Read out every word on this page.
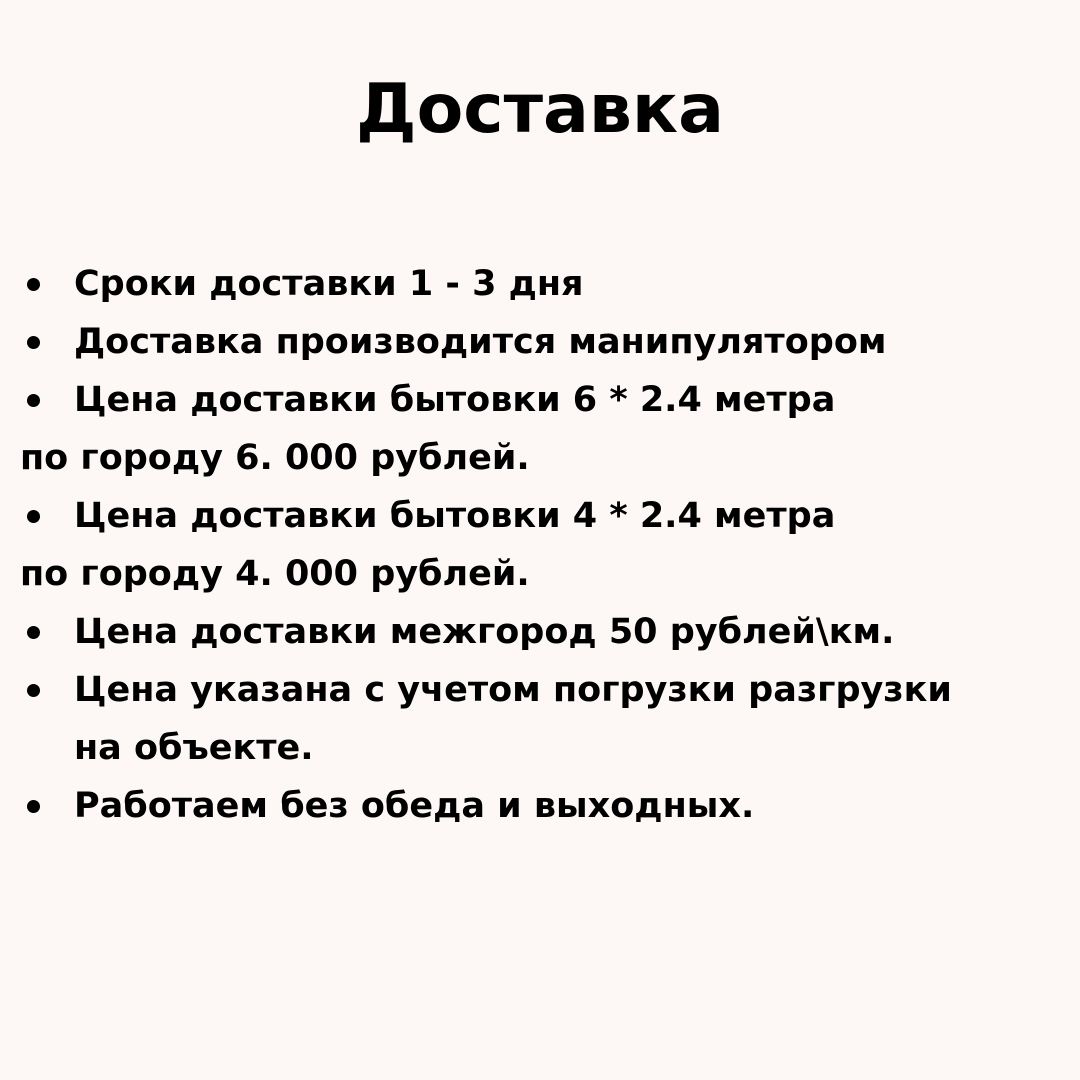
Доставка
Сроки доставки 1 - 3 дня
Доставка производится манипулятором
Цена доставки бытовки 6 * 2.4 метра
по городу 6. 000 рублей.
Цена доставки бытовки 4 * 2.4 метра
по городу 4. 000 рублей.
Цена доставки межгород 50 рублей\км.
Цена указана с учетом погрузки разгрузки
на объекте.
Работаем без обеда и выходных.
